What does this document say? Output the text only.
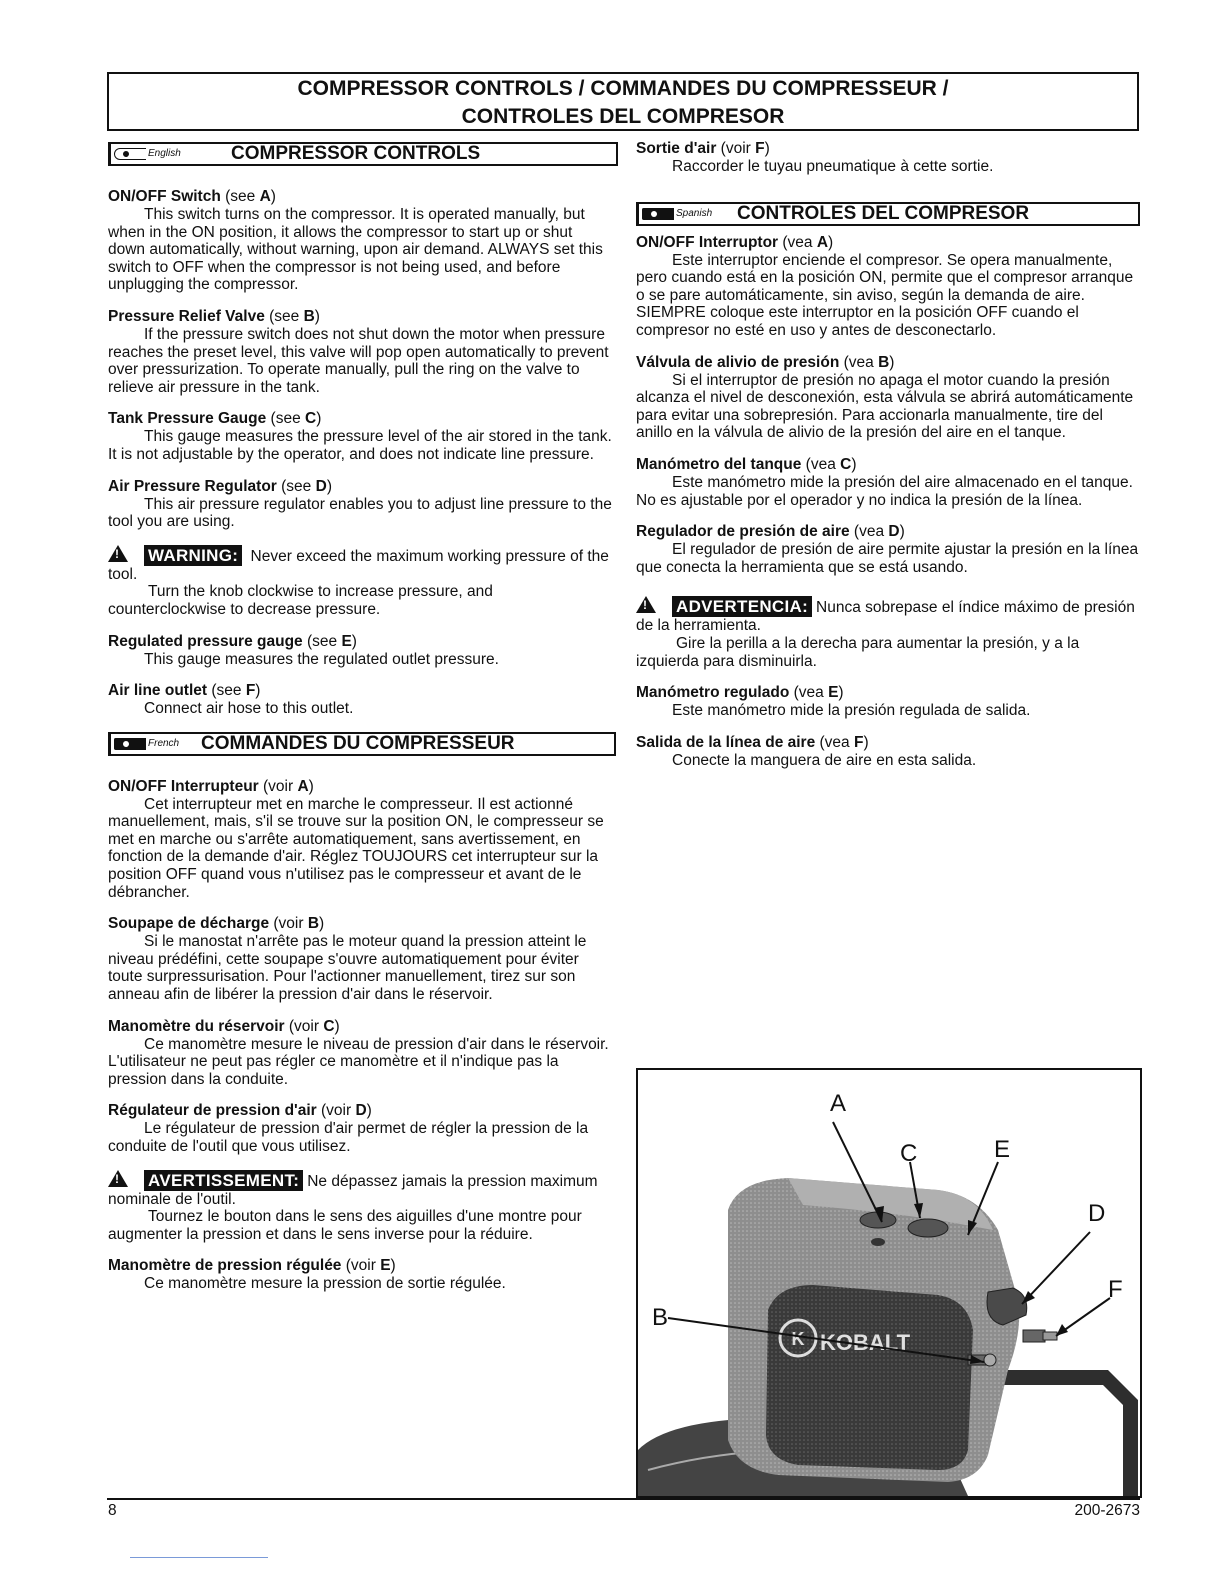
COMPRESSOR CONTROLS / COMMANDES DU COMPRESSEUR /
CONTROLES DEL COMPRESOR
English	COMPRESSOR CONTROLS
ON/OFF Switch (see A)

This switch turns on the compressor. It is operated manually, but when in the ON position, it allows the compressor to start up or shut down automatically, without warning, upon air demand. ALWAYS set this switch to OFF when the compressor is not being used, and before unplugging the compressor.

Pressure Relief Valve (see B)

If the pressure switch does not shut down the motor when pressure reaches the preset level, this valve will pop open automatically to prevent over pressurization. To operate manually, pull the ring on the valve to relieve air pressure in the tank.

Tank Pressure Gauge (see C)

This gauge measures the pressure level of the air stored in the tank. It is not adjustable by the operator, and does not indicate line pressure.

Air Pressure Regulator (see D)

This air pressure regulator enables you to adjust line pressure to the tool you are using.

!WARNING: Never exceed the maximum working pressure of the tool.

Turn the knob clockwise to increase pressure, and counterclockwise to decrease pressure.

Regulated pressure gauge (see E)

This gauge measures the regulated outlet pressure.

Air line outlet (see F)

Connect air hose to this outlet.

French COMMANDES DU COMPRESSEUR
ON/OFF Interrupteur (voir A)

Cet interrupteur met en marche le compresseur. Il est actionné manuellement, mais, s'il se trouve sur la position ON, le compresseur se met en marche ou s'arrête automatiquement, sans avertissement, en fonction de la demande d'air. Réglez TOUJOURS cet interrupteur sur la position OFF quand vous n'utilisez pas le compresseur et avant de le débrancher.

Soupape de décharge (voir B)

Si le manostat n'arrête pas le moteur quand la pression atteint le niveau prédéfini, cette soupape s'ouvre automatiquement pour éviter toute surpressurisation. Pour l'actionner manuellement, tirez sur son anneau afin de libérer la pression d'air dans le réservoir.

Manomètre du réservoir (voir C)

Ce manomètre mesure le niveau de pression d'air dans le réservoir. L'utilisateur ne peut pas régler ce manomètre et il n'indique pas la pression dans la conduite.

Régulateur de pression d'air (voir D)

Le régulateur de pression d'air permet de régler la pression de la conduite de l'outil que vous utilisez.

!AVERTISSEMENT: Ne dépassez jamais la pression maximum nominale de l'outil.

Tournez le bouton dans le sens des aiguilles d'une montre pour augmenter la pression et dans le sens inverse pour la réduire.

Manomètre de pression régulée (voir E)

Ce manomètre mesure la pression de sortie régulée.

Sortie d'air (voir F)

Raccorder le tuyau pneumatique à cette sortie.

Spanish CONTROLES DEL COMPRESOR
ON/OFF Interruptor (vea A)

Este interruptor enciende el compresor. Se opera manualmente, pero cuando está en la posición ON, permite que el compresor arranque o se pare automáticamente, sin aviso, según la demanda de aire. SIEMPRE coloque este interruptor en la posición OFF cuando el compresor no esté en uso y antes de desconectarlo.

Válvula de alivio de presión (vea B)

Si el interruptor de presión no apaga el motor cuando la presión alcanza el nivel de desconexión, esta válvula se abrirá automáticamente para evitar una sobrepresión. Para accionarla manualmente, tire del anillo en la válvula de alivio de la presión del aire en el tanque.

Manómetro del tanque (vea C)

Este manómetro mide la presión del aire almacenado en el tanque. No es ajustable por el operador y no indica la presión de la línea.

Regulador de presión de aire (vea D)

El regulador de presión de aire permite ajustar la presión en la línea que conecta la herramienta que se está usando.

!ADVERTENCIA: Nunca sobrepase el índice máximo de presión de la herramienta.

Gire la perilla a la derecha para aumentar la presión, y a la izquierda para disminuirla.

Manómetro regulado (vea E)

Este manómetro mide la presión regulada de salida.

Salida de la línea de aire (vea F)

Conecte la manguera de aire en esta salida.

K KOBALT
A
B
C
D
E
F
8	200-2673
